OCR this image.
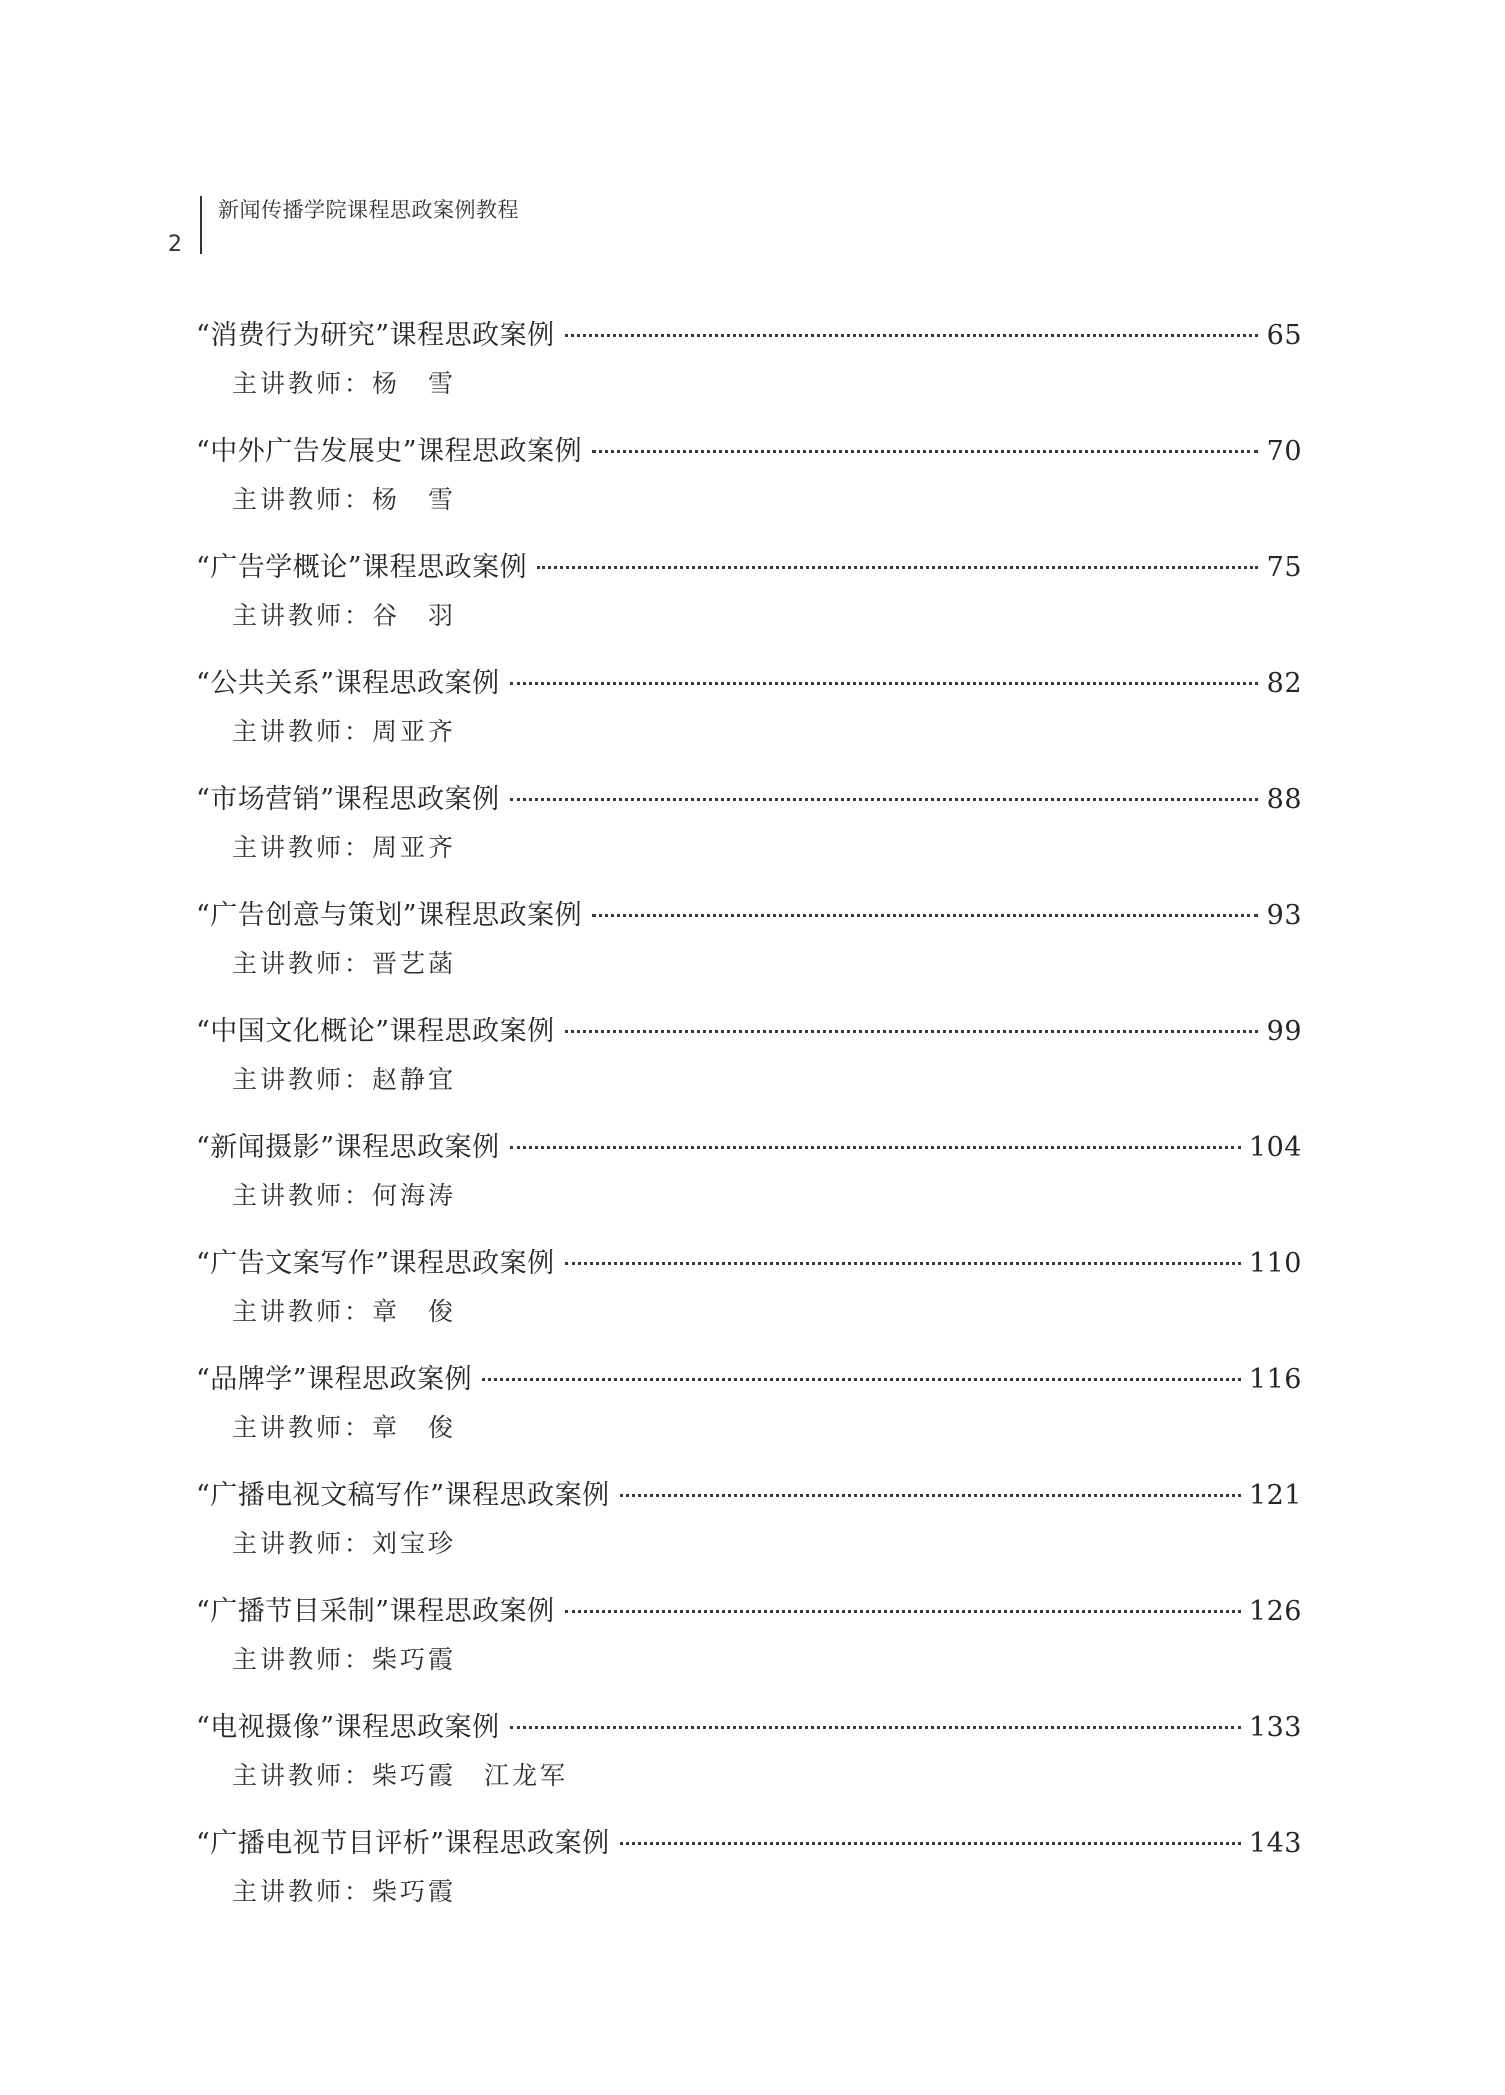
新闻传播学院课程思政案例教程
2
“消费行为研究”课程思政案例	65
主讲教师：杨　雪
“中外广告发展史”课程思政案例	70
主讲教师：杨　雪
“广告学概论”课程思政案例	75
主讲教师：谷　羽
“公共关系”课程思政案例	82
主讲教师：周亚齐
“市场营销”课程思政案例	88
主讲教师：周亚齐
“广告创意与策划”课程思政案例	93
主讲教师：晋艺菡
“中国文化概论”课程思政案例	99
主讲教师：赵静宜
“新闻摄影”课程思政案例	104
主讲教师：何海涛
“广告文案写作”课程思政案例	110
主讲教师：章　俊
“品牌学”课程思政案例	116
主讲教师：章　俊
“广播电视文稿写作”课程思政案例	121
主讲教师：刘宝珍
“广播节目采制”课程思政案例	126
主讲教师：柴巧霞
“电视摄像”课程思政案例	133
主讲教师：柴巧霞　江龙军
“广播电视节目评析”课程思政案例	143
主讲教师：柴巧霞
